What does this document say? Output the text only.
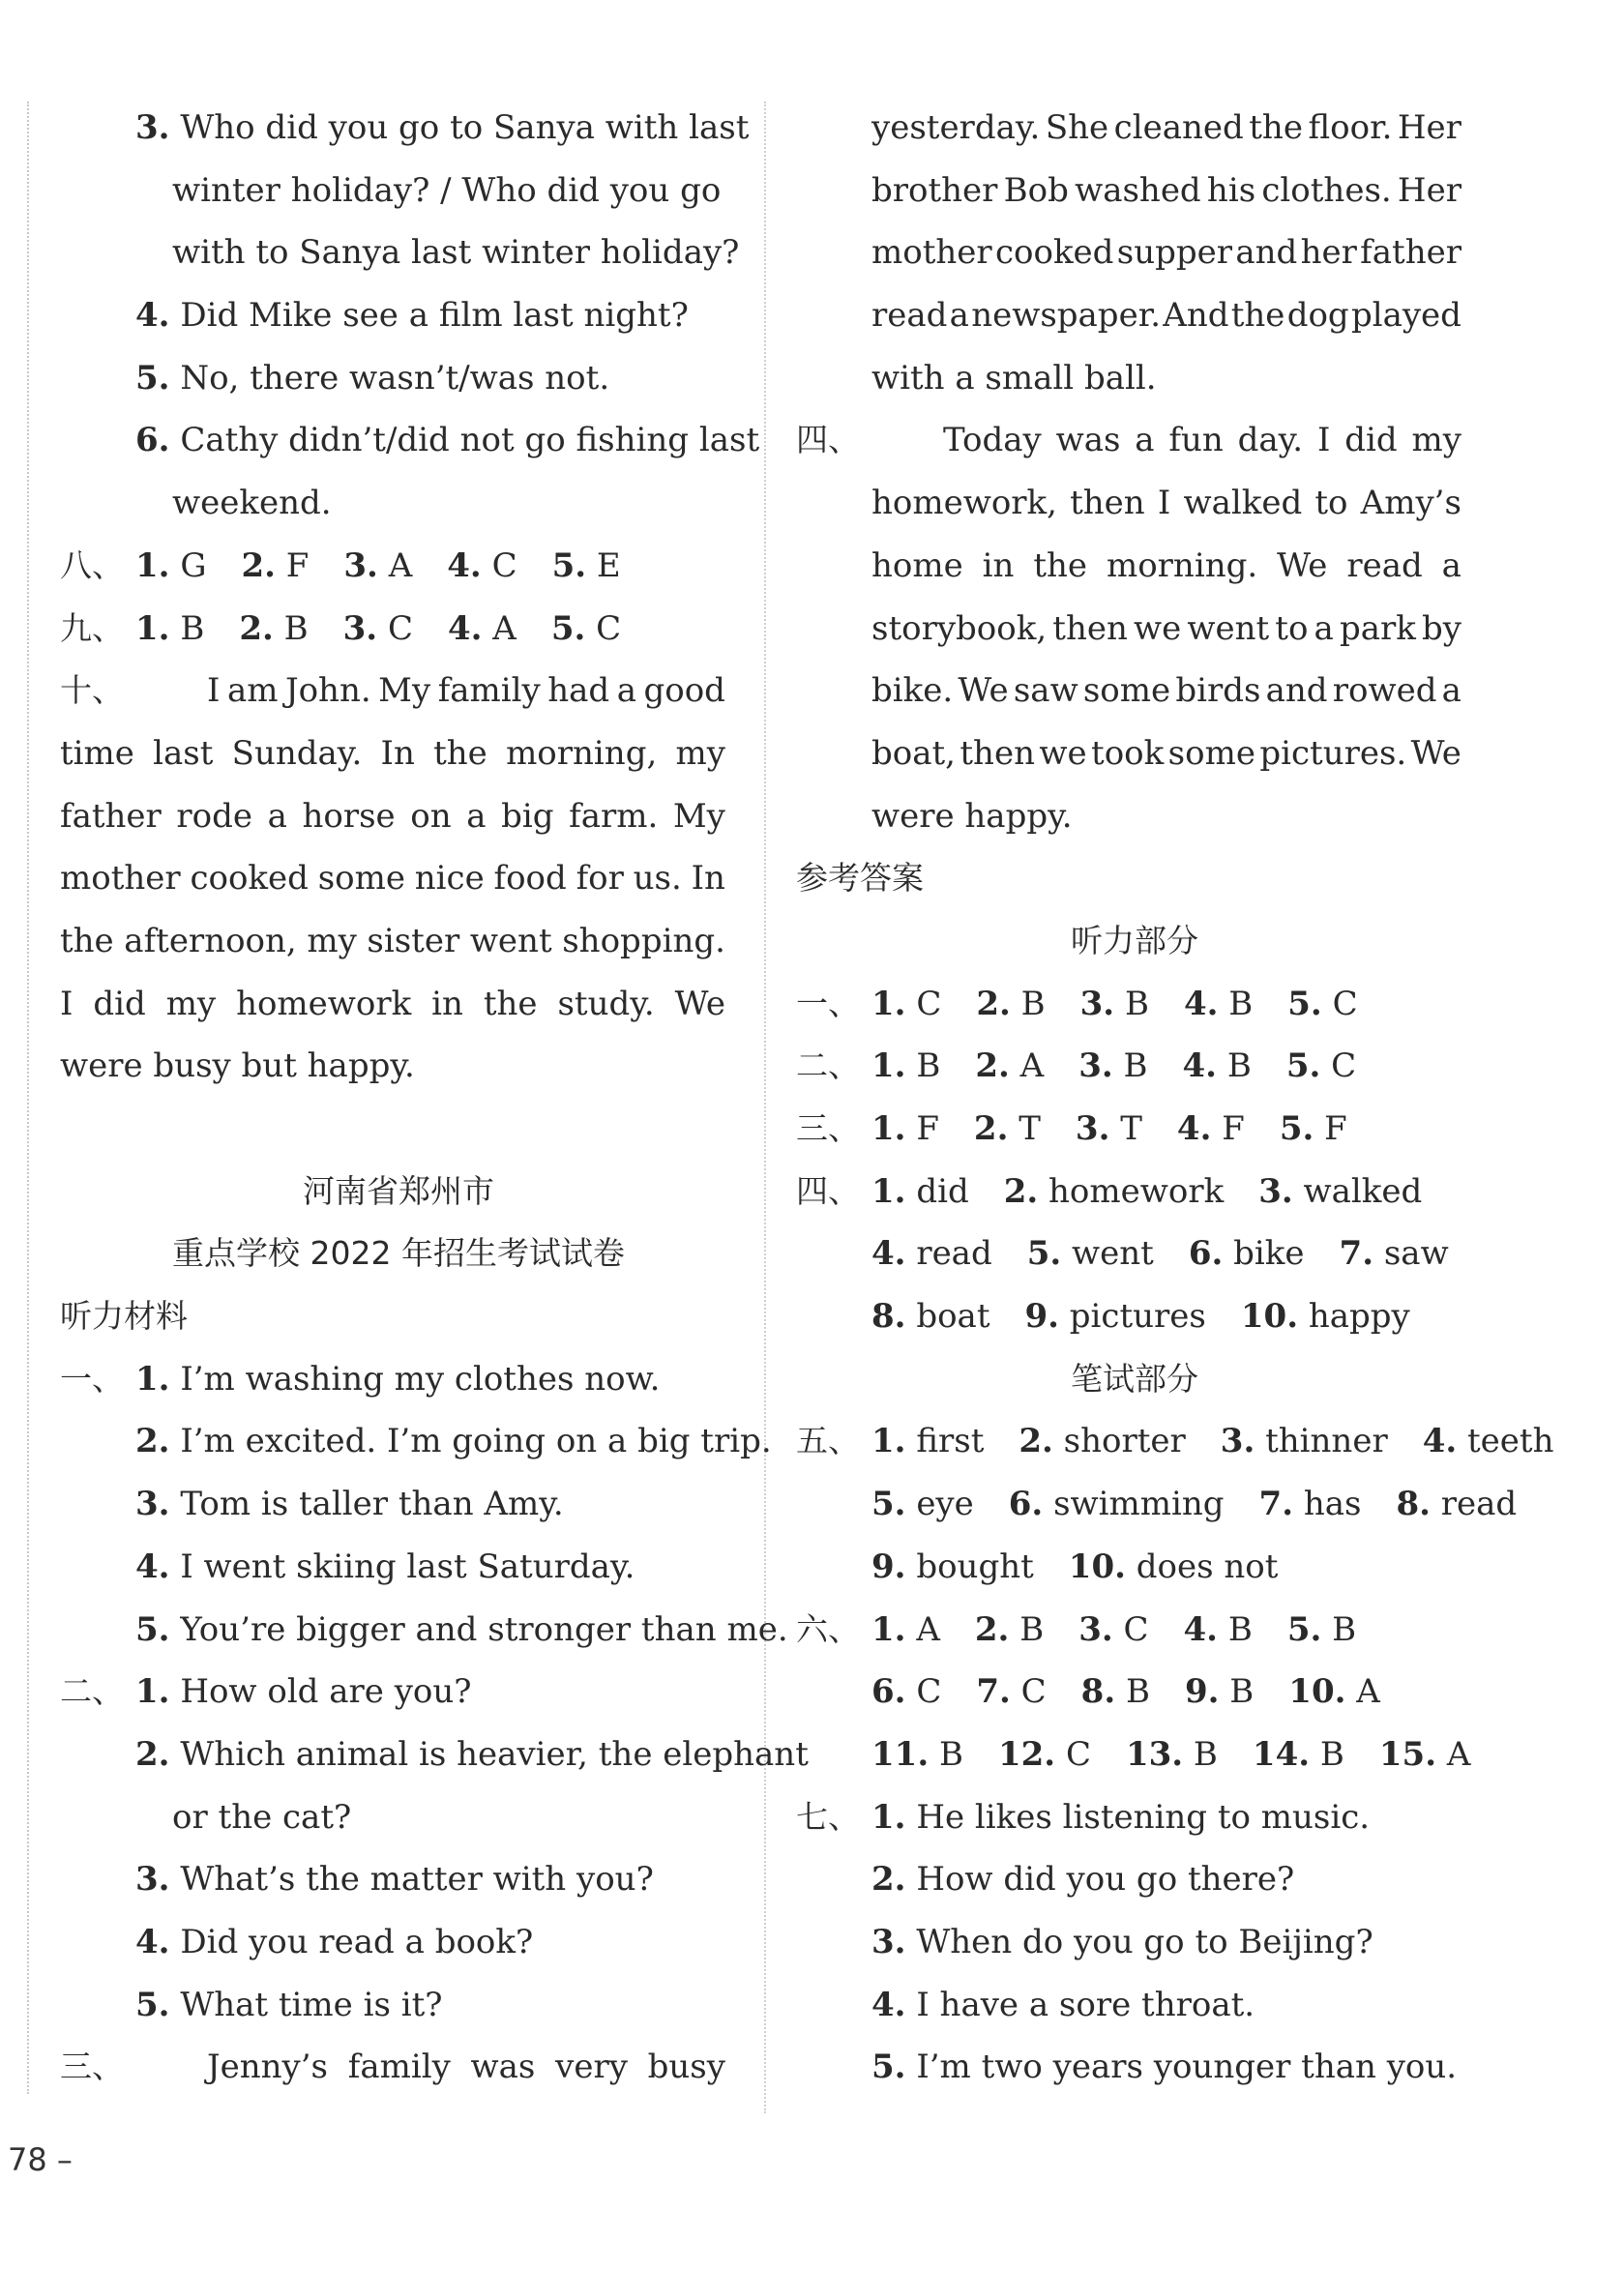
3. Who did you go to Sanya with last
winter holiday? / Who did you go
with to Sanya last winter holiday?
4. Did Mike see a film last night?
5. No, there wasn’t/was not.
6. Cathy didn’t/did not go fishing last
weekend.
八、 1. G 2. F 3. A 4. C 5. E
九、 1. B 2. B 3. C 4. A 5. C
十、	I am John. My family had a good
time last Sunday. In the morning, my
father rode a horse on a big farm. My
mother cooked some nice food for us. In
the afternoon, my sister went shopping.
I did my homework in the study. We
were busy but happy.
河南省郑州市
重点学校 2022 年招生考试试卷
听力材料
一、 1. I’m washing my clothes now.
2. I’m excited. I’m going on a big trip.
3. Tom is taller than Amy.
4. I went skiing last Saturday.
5. You’re bigger and stronger than me.
二、 1. How old are you?
2. Which animal is heavier, the elephant
or the cat?
3. What’s the matter with you?
4. Did you read a book?
5. What time is it?
三、	Jenny’s family was very busy
yesterday. She cleaned the floor. Her
brother Bob washed his clothes. Her
mother cooked supper and her father
read a newspaper. And the dog played
with a small ball.
四、	Today was a fun day. I did my
homework, then I walked to Amy’s
home in the morning. We read a
storybook, then we went to a park by
bike. We saw some birds and rowed a
boat, then we took some pictures. We
were happy.
参考答案
听力部分
一、 1. C 2. B 3. B 4. B 5. C
二、 1. B 2. A 3. B 4. B 5. C
三、 1. F 2. T 3. T 4. F 5. F
四、 1. did 2. homework 3. walked
4. read 5. went 6. bike 7. saw
8. boat 9. pictures 10. happy
笔试部分
五、 1. first 2. shorter 3. thinner 4. teeth
5. eye 6. swimming 7. has 8. read
9. bought 10. does not
六、 1. A 2. B 3. C 4. B 5. B
6. C 7. C 8. B 9. B 10. A
11. B 12. C 13. B 14. B 15. A
七、 1. He likes listening to music.
2. How did you go there?
3. When do you go to Beijing?
4. I have a sore throat.
5. I’m two years younger than you.
78 –
